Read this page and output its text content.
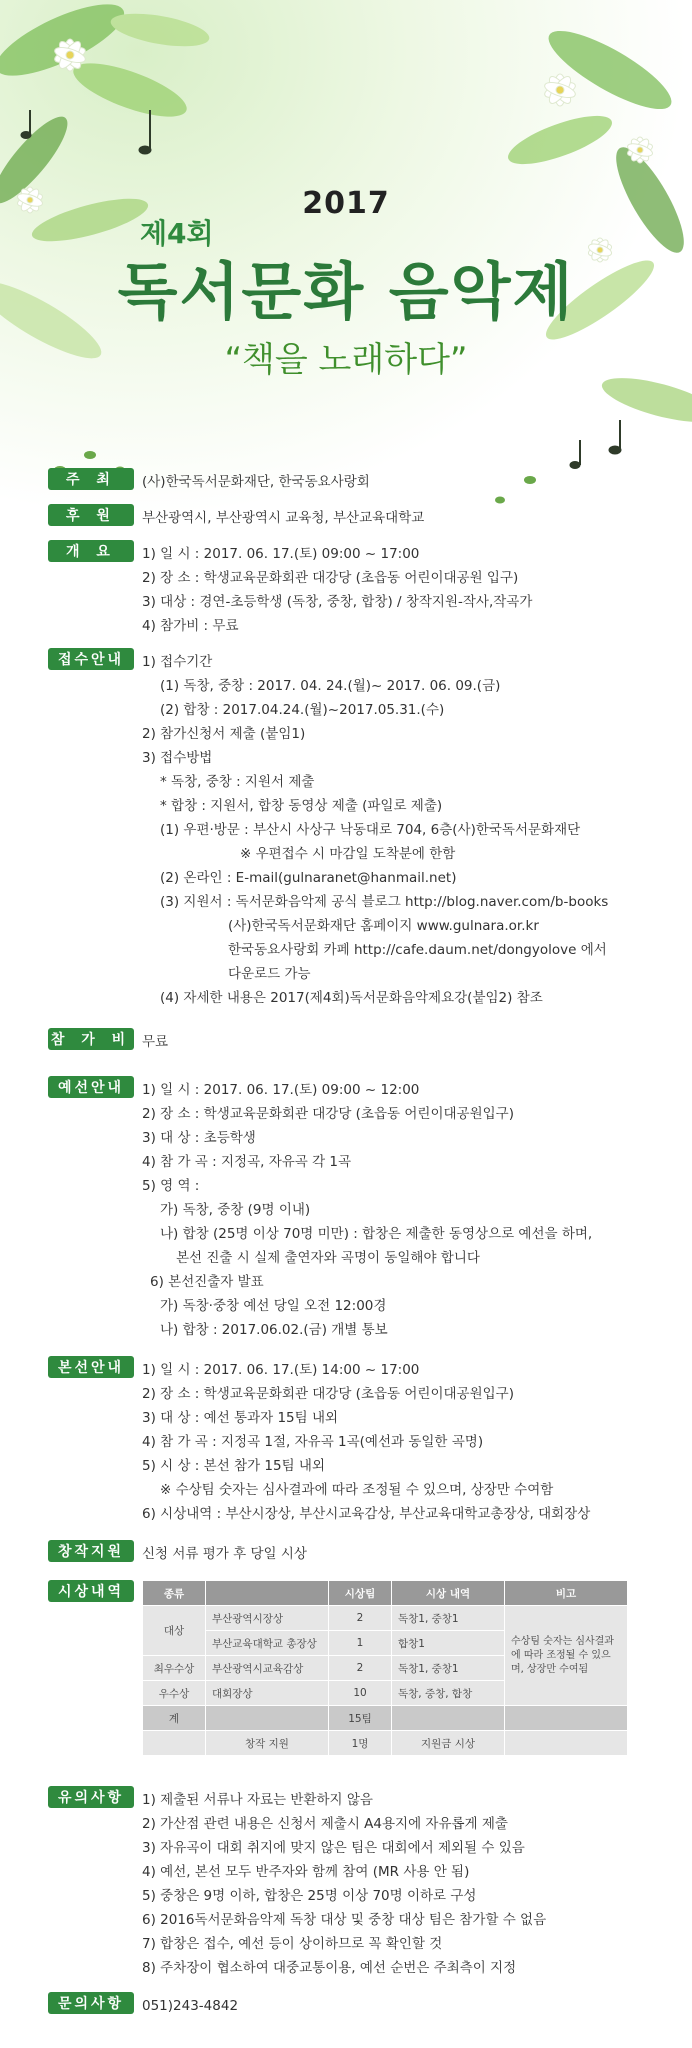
2017
제4회
독서문화 음악제
“책을 노래하다”
주 최	(사)한국독서문화재단, 한국동요사랑회
후 원	부산광역시, 부산광역시 교육청, 부산교육대학교
개 요	1) 일 시 : 2017. 06. 17.(토) 09:00 ~ 17:00
2) 장 소 : 학생교육문화회관 대강당 (초읍동 어린이대공원 입구)
3) 대상 : 경연-초등학생 (독창, 중창, 합창) / 창작지원-작사,작곡가
4) 참가비 : 무료
접수안내	1) 접수기간
(1) 독창, 중창 : 2017. 04. 24.(월)~ 2017. 06. 09.(금)
(2) 합창 : 2017.04.24.(월)~2017.05.31.(수)
2) 참가신청서 제출 (붙임1)
3) 접수방법
* 독창, 중창 : 지원서 제출
* 합창 : 지원서, 합창 동영상 제출 (파일로 제출)
(1) 우편·방문 : 부산시 사상구 낙동대로 704, 6층(사)한국독서문화재단
※ 우편접수 시 마감일 도착분에 한함
(2) 온라인 : E-mail(gulnaranet@hanmail.net)
(3) 지원서 : 독서문화음악제 공식 블로그 http://blog.naver.com/b-books
(사)한국독서문화재단 홈페이지 www.gulnara.or.kr
한국동요사랑회 카페 http://cafe.daum.net/dongyolove 에서
다운로드 가능
(4) 자세한 내용은 2017(제4회)독서문화음악제요강(붙임2) 참조
참 가 비 무료
예선안내	1) 일 시 : 2017. 06. 17.(토) 09:00 ~ 12:00
2) 장 소 : 학생교육문화회관 대강당 (초읍동 어린이대공원입구)
3) 대 상 : 초등학생
4) 참 가 곡 : 지정곡, 자유곡 각 1곡
5) 영 역 :
가) 독창, 중창 (9명 이내)
나) 합창 (25명 이상 70명 미만) : 합창은 제출한 동영상으로 예선을 하며,
본선 진출 시 실제 출연자와 곡명이 동일해야 합니다
6) 본선진출자 발표
가) 독창·중창 예선 당일 오전 12:00경
나) 합창 : 2017.06.02.(금) 개별 통보
본선안내	1) 일 시 : 2017. 06. 17.(토) 14:00 ~ 17:00
2) 장 소 : 학생교육문화회관 대강당 (초읍동 어린이대공원입구)
3) 대 상 : 예선 통과자 15팀 내외
4) 참 가 곡 : 지정곡 1절, 자유곡 1곡(예선과 동일한 곡명)
5) 시 상 : 본선 참가 15팀 내외
※ 수상팀 숫자는 심사결과에 따라 조정될 수 있으며, 상장만 수여함
6) 시상내역 : 부산시장상, 부산시교육감상, 부산교육대학교총장상, 대회장상
창작지원	신청 서류 평가 후 당일 시상
시상내역	종류		시상팀	시상 내역	비고
대상	부산광역시장상	2	독창1, 중창1	수상팀 숫자는 심사결과에 따라 조정될 수 있으며, 상장만 수여됨
	부산교육대학교 총장상	1	합창1	
최우수상	부산광역시교육감상	2	독창1, 중창1	
우수상	대회장상	10	독창, 중창, 합창	
계		15팀		
	창작 지원	1명	지원금 시상	
유의사항	1) 제출된 서류나 자료는 반환하지 않음
2) 가산점 관련 내용은 신청서 제출시 A4용지에 자유롭게 제출
3) 자유곡이 대회 취지에 맞지 않은 팀은 대회에서 제외될 수 있음
4) 예선, 본선 모두 반주자와 함께 참여 (MR 사용 안 됨)
5) 중창은 9명 이하, 합창은 25명 이상 70명 이하로 구성
6) 2016독서문화음악제 독창 대상 및 중창 대상 팀은 참가할 수 없음
7) 합창은 접수, 예선 등이 상이하므로 꼭 확인할 것
8) 주차장이 협소하여 대중교통이용, 예선 순번은 주최측이 지정
문의사항	051)243-4842
